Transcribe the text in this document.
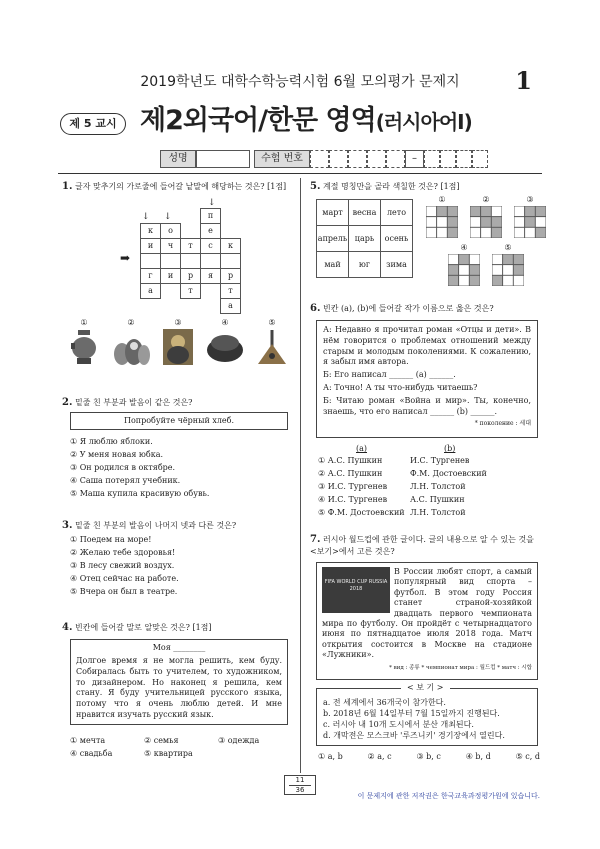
2019학년도 대학수학능력시험 6월 모의평가 문제지	1
제 5 교시 제2외국어/한문 영역(러시아어Ⅰ)
성명	수험 번호	–
1. 글자 맞추기의 가로줄에 들어갈 낱말에 해당하는 것은? [1점]
↓
↓ ↓
➡
			п	
к	о		е	
и	ч	т	с	к

г	и	р	я	р
а		т		т
				а
①	②	③	④	⑤
2. 밑줄 친 부분과 발음이 같은 것은?
Попробуйте чёрный хлеб.
① Я люблю яблоки.
② У меня новая юбка.
③ Он родился в октябре.
④ Саша потерял учебник.
⑤ Маша купила красивую обувь.
3. 밑줄 친 부분의 발음이 나머지 넷과 다른 것은?
① Поедем на море!
② Желаю тебе здоровья!
③ В лесу свежий воздух.
④ Отец сейчас на работе.
⑤ Вчера он был в театре.
4. 빈칸에 들어갈 말로 알맞은 것은? [1점]
Моя ________
Долгое время я не могла решить, кем буду. Собиралась быть то учителем, то художником, то дизайнером. Но наконец я решила, кем стану. Я буду учительницей русского языка, потому что я очень люблю детей. И мне нравится изучать русский язык.
① мечта	② семья	③ одежда
④ свадьба	⑤ квартира
5. 계절 명칭만을 골라 색칠한 것은? [1점]
март	весна	лето
апрель	царь	осень
май	юг	зима
①	②	③
④	⑤
6. 빈칸 (a), (b)에 들어갈 작가 이름으로 옳은 것은?
А: Недавно я прочитал роман «Отцы и дети». В нём говорится о проблемах отношений между старым и молодым поколениями. К сожалению, я забыл имя автора.
Б: Его написал ______ (a) ______.
А: Точно! А ты что-нибудь читаешь?
Б: Читаю роман «Война и мир». Ты, конечно, знаешь, что его написал ______ (b) ______.
* поколение : 세대
(a)	(b)
① А.С. Пушкин	И.С. Тургенев
② А.С. Пушкин	Ф.М. Достоевский
③ И.С. Тургенев	Л.Н. Толстой
④ И.С. Тургенев	А.С. Пушкин
⑤ Ф.М. Достоевский Л.Н. Толстой
7. 러시아 월드컵에 관한 글이다. 글의 내용으로 알 수 있는 것을 <보기>에서 고른 것은?
FIFA WORLD CUP RUSSIA 2018
В России любят спорт, а самый популярный вид спорта – футбол. В этом году Россия станет страной-хозяйкой двадцать первого чемпионата мира по футболу. Он пройдёт с четырнадцатого июня по пятнадцатое июля 2018 года. Матч открытия состоится в Москве на стадионе «Лужники».
* вид : 종류 * чемпионат мира : 월드컵 * матч : 시합
< 보 기 >
a. 전 세계에서 36개국이 참가한다.
b. 2018년 6월 14일부터 7월 15일까지 진행된다.
c. 러시아 내 10개 도시에서 분산 개최된다.
d. 개막전은 모스크바 '루즈니키' 경기장에서 열린다.
① a, b	② a, c	③ b, c	④ b, d	⑤ c, d
11
36
이 문제지에 관한 저작권은 한국교육과정평가원에 있습니다.
